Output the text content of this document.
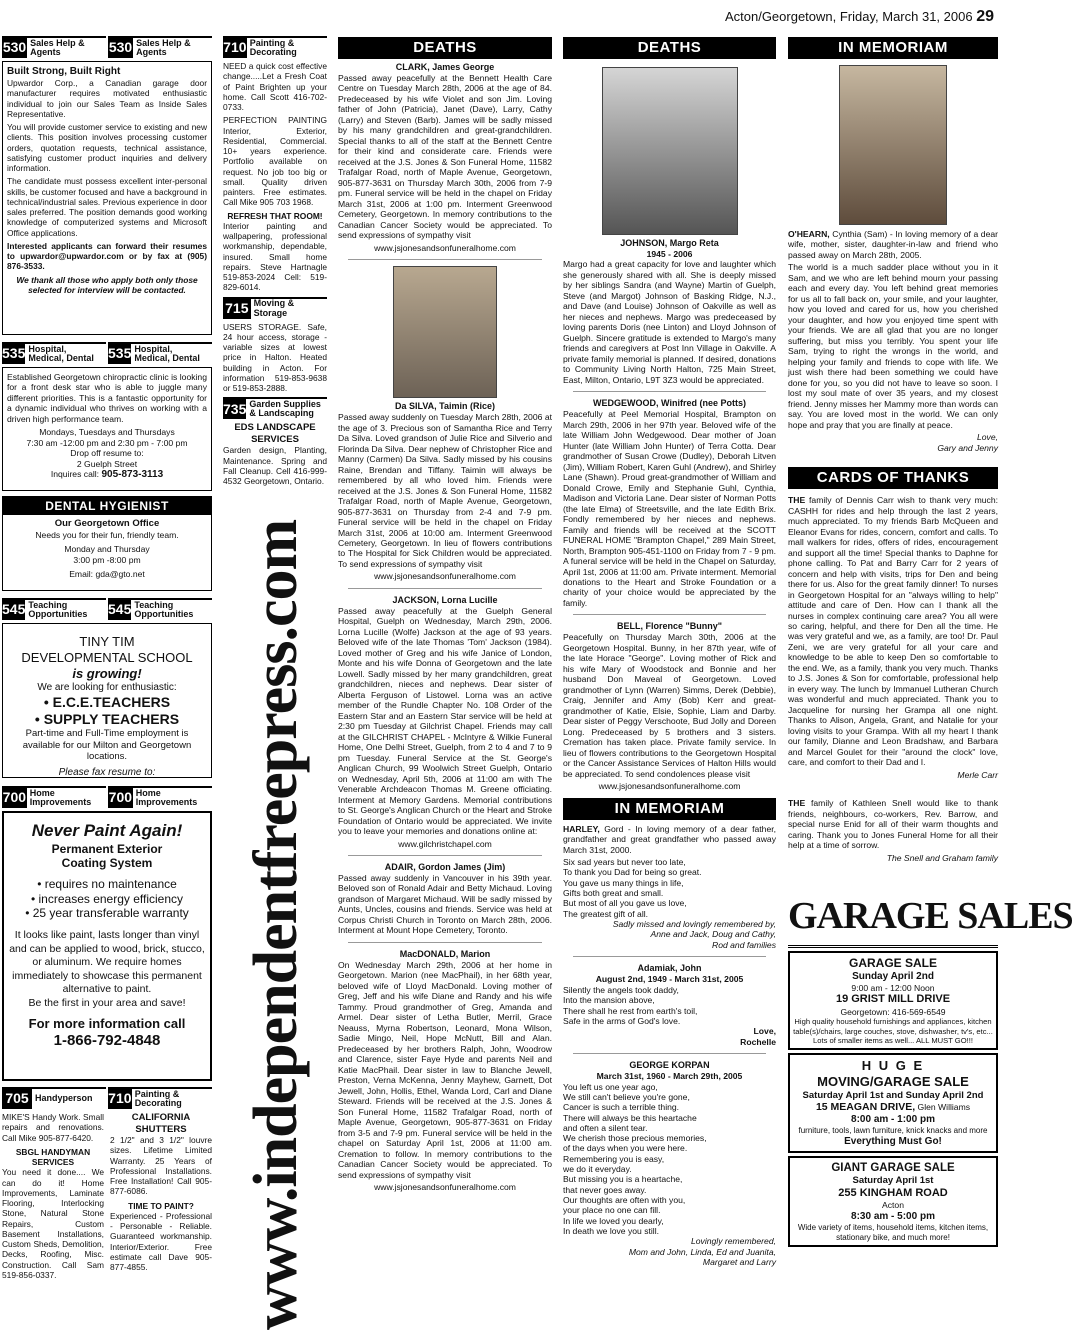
Acton/Georgetown, Friday, March 31, 2006 29
530 Sales Help & Agents	530 Sales Help & Agents
Built Strong, Built Right
Upwardor Corp., a Canadian garage door manufacturer requires motivated enthusiastic individual to join our Sales Team as Inside Sales Representative.
You will provide customer service to existing and new clients. This position involves processing customer orders, quotation requests, technical assistance, satisfying customer product inquiries and delivery information.
The candidate must possess excellent inter-personal skills, be customer focused and have a background in technical/industrial sales. Previous experience in door sales preferred. The position demands good working knowledge of computerized systems and Microsoft Office applications.
Interested applicants can forward their resumes to upwardor@upwardor.com or by fax at (905) 876-3533.
We thank all those who apply both only those selected for interview will be contacted.
535 Hospital, Medical, Dental	535 Hospital, Medical, Dental
Established Georgetown chiropractic clinic is looking for a front desk star who is able to juggle many different priorities. This is a fantastic opportunity for a dynamic individual who thrives on working with a driven high performance team.
Mondays, Tuesdays and Thursdays
7:30 am -12:00 pm and 2:30 pm - 7:00 pm
Drop off resume to:
2 Guelph Street
Inquires call: 905-873-3113
DENTAL HYGIENIST
Our Georgetown Office
Needs you for their fun, friendly team.
Monday and Thursday
3:00 pm -8:00 pm
Email: gda@gto.net
545 Teaching Opportunities	545 Teaching Opportunities
TINY TIM
DEVELOPMENTAL SCHOOL
is growing!
We are looking for enthusiastic:
• E.C.E.TEACHERS
• SUPPLY TEACHERS
Part-time and Full-Time employment is available for our Milton and Georgetown locations.
Please fax resume to:
700 Home Improvements	700 Home Improvements
Never Paint Again!
Permanent Exterior
Coating System
• requires no maintenance
• increases energy efficiency
• 25 year transferable warranty
It looks like paint, lasts longer than vinyl and can be applied to wood, brick, stucco, or aluminum. We require homes immediately to showcase this permanent alternative to paint.
Be the first in your area and save!
For more information call
1-866-792-4848
705 Handyperson 710 Painting & Decorating
MIKE'S Handy Work. Small repairs and renovations. Call Mike 905-877-6420.
SBGL HANDYMAN SERVICES
You need it done.... We can do it! Home Improvements, Laminate Flooring, Interlocking Stone, Natural Stone Repairs, Custom Basement Installations, Custom Sheds, Demolition, Decks, Roofing, Misc. Construction. Call Sam 519-856-0337.
CALIFORNIA SHUTTERS
2 1/2" and 3 1/2" louvre sizes. Lifetime Limited Warranty. 25 Years of Professional Installations. Free Installation! Call 905-877-6086.
TIME TO PAINT?
Experienced - Professional - Personable - Reliable. Guaranteed workmanship. Interior/Exterior. Free estimate call Dave 905-877-4855.
710 Painting & Decorating
NEED a quick cost effective change.....Let a Fresh Coat of Paint Brighten up your home. Call Scott 416-702-0733.
PERFECTION PAINTING Interior, Exterior, Residential, Commercial. 10+ years experience. Portfolio available on request. No job too big or small. Quality driven painters. Free estimates. Call Mike 905 703 1968.
REFRESH THAT ROOM!
Interior painting and wallpapering, professional workmanship, dependable, insured. Small home repairs. Steve Hartnagle 519-853-2024 Cell: 519-829-6014.
715 Moving & Storage
USERS STORAGE. Safe, 24 hour access, storage - variable sizes at lowest price in Halton. Heated building in Acton. For information 519-853-9638 or 519-853-2888.
735 Garden Supplies & Landscaping
EDS LANDSCAPE SERVICES
Garden design, Planting, Maintenance. Spring and Fall Cleanup. Cell 416-999-4532 Georgetown, Ontario.
www.independentfreepress.com
DEATHS
CLARK, James George
Passed away peacefully at the Bennett Health Care Centre on Tuesday March 28th, 2006 at the age of 84. Predeceased by his wife Violet and son Jim. Loving father of John (Patricia), Janet (Dave), Larry, Cathy (Larry) and Steven (Barb). James will be sadly missed by his many grandchildren and great-grandchildren. Special thanks to all of the staff at the Bennett Centre for their kind and considerate care. Friends were received at the J.S. Jones & Son Funeral Home, 11582 Trafalgar Road, north of Maple Avenue, Georgetown, 905-877-3631 on Thursday March 30th, 2006 from 7-9 pm. Funeral service will be held in the chapel on Friday March 31st, 2006 at 1:00 pm. Interment Greenwood Cemetery, Georgetown. In memory contributions to the Canadian Cancer Society would be appreciated. To send expressions of sympathy visit
www.jsjonesandsonfuneralhome.com
Da SILVA, Taimin (Rice)
Passed away suddenly on Tuesday March 28th, 2006 at the age of 3. Precious son of Samantha Rice and Terry Da Silva. Loved grandson of Julie Rice and Silverio and Florinda Da Silva. Dear nephew of Christopher Rice and Manny (Carmen) Da Silva. Sadly missed by his cousins Raine, Brendan and Tiffany. Taimin will always be remembered by all who loved him. Friends were received at the J.S. Jones & Son Funeral Home, 11582 Trafalgar Road, north of Maple Avenue, Georgetown, 905-877-3631 on Thursday from 2-4 and 7-9 pm. Funeral service will be held in the chapel on Friday March 31st, 2006 at 10:00 am. Interment Greenwood Cemetery, Georgetown. In lieu of flowers contributions to The Hospital for Sick Children would be appreciated. To send expressions of sympathy visit
www.jsjonesandsonfuneralhome.com
JACKSON, Lorna Lucille
Passed away peacefully at the Guelph General Hospital, Guelph on Wednesday, March 29th, 2006. Lorna Lucille (Wolfe) Jackson at the age of 93 years. Beloved wife of the late Thomas 'Tom' Jackson (1984). Loved mother of Greg and his wife Janice of London, Monte and his wife Donna of Georgetown and the late Lowell. Sadly missed by her many grandchildren, great grandchildren, nieces and nephews. Dear sister of Alberta Ferguson of Listowel. Lorna was an active member of the Rundle Chapter No. 108 Order of the Eastern Star and an Eastern Star service will be held at 2:30 pm Tuesday at Gilchrist Chapel. Friends may call at the GILCHRIST CHAPEL - McIntyre & Wilkie Funeral Home, One Delhi Street, Guelph, from 2 to 4 and 7 to 9 pm Tuesday. Funeral Service at the St. George's Anglican Church, 99 Woolwich Street Guelph, Ontario on Wednesday, April 5th, 2006 at 11:00 am with The Venerable Archdeacon Thomas M. Greene officiating. Interment at Memory Gardens. Memorial contributions to St. George's Anglican Church or the Heart and Stroke Foundation of Ontario would be appreciated. We invite you to leave your memories and donations online at:
www.gilchristchapel.com
ADAIR, Gordon James (Jim)
Passed away suddenly in Vancouver in his 39th year. Beloved son of Ronald Adair and Betty Michaud. Loving grandson of Margaret Michaud. Will be sadly missed by Aunts, Uncles, cousins and friends. Service was held at Corpus Christi Church in Toronto on March 28th, 2006. Interment at Mount Hope Cemetery, Toronto.
MacDONALD, Marion
On Wednesday March 29th, 2006 at her home in Georgetown. Marion (nee MacPhail), in her 68th year, beloved wife of Lloyd MacDonald. Loving mother of Greg, Jeff and his wife Diane and Randy and his wife Tammy. Proud grandmother of Greg, Amanda and Armel. Dear sister of Letha Butler, Merril, Grace Neauss, Myrna Robertson, Leonard, Mona Wilson, Sadie Mingo, Neil, Hope McNutt, Bill and Alan. Predeceased by her brothers Ralph, John, Woodrow and Clarence, sister Faye Hyde and parents Neil and Katie MacPhail. Dear sister in law to Blanche Jewell, Preston, Verna McKenna, Jenny Mayhew, Garnett, Dot Jewell, John, Hollis, Ethel, Wanda Lord, Carl and Diane Steward. Friends will be received at the J.S. Jones & Son Funeral Home, 11582 Trafalgar Road, north of Maple Avenue, Georgetown, 905-877-3631 on Friday from 3-5 and 7-9 pm. Funeral service will be held in the chapel on Saturday April 1st, 2006 at 11:00 am. Cremation to follow. In memory contributions to the Canadian Cancer Society would be appreciated. To send expressions of sympathy visit
www.jsjonesandsonfuneralhome.com
DEATHS
JOHNSON, Margo Reta
1945 - 2006
Margo had a great capacity for love and laughter which she generously shared with all. She is deeply missed by her siblings Sandra (and Wayne) Martin of Guelph, Steve (and Margot) Johnson of Basking Ridge, N.J., and Dave (and Louise) Johnson of Oakville as well as her nieces and nephews. Margo was predeceased by loving parents Doris (nee Linton) and Lloyd Johnson of Guelph. Sincere gratitude is extended to Margo's many friends and caregivers at Post Inn Village in Oakville. A private family memorial is planned. If desired, donations to Community Living North Halton, 725 Main Street, East, Milton, Ontario, L9T 3Z3 would be appreciated.
WEDGEWOOD, Winifred (nee Potts)
Peacefully at Peel Memorial Hospital, Brampton on March 29th, 2006 in her 97th year. Beloved wife of the late William John Wedgewood. Dear mother of Joan Hunter (late William John Hunter) of Terra Cotta. Dear grandmother of Susan Crowe (Dudley), Deborah Litven (Jim), William Robert, Karen Guhl (Andrew), and Shirley Lane (Shawn). Proud great-grandmother of William and Donald Crowe, Emily and Stephanie Guhl, Cynthia, Madison and Victoria Lane. Dear sister of Norman Potts (the late Elma) of Streetsville, and the late Edith Brix. Fondly remembered by her nieces and nephews. Family and friends will be received at the SCOTT FUNERAL HOME "Brampton Chapel," 289 Main Street, North, Brampton 905-451-1100 on Friday from 7 - 9 pm. A funeral service will be held in the Chapel on Saturday, April 1st, 2006 at 11:00 am. Private interment. Memorial donations to the Heart and Stroke Foundation or a charity of your choice would be appreciated by the family.
BELL, Florence "Bunny"
Peacefully on Thursday March 30th, 2006 at the Georgetown Hospital. Bunny, in her 87th year, wife of the late Horace "George". Loving mother of Rick and his wife Mary of Woodstock and Bonnie and her husband Don Maveal of Georgetown. Loved grandmother of Lynn (Warren) Simms, Derek (Debbie), Craig, Jennifer and Amy (Bob) Kerr and great-grandmother of Katie, Elsie, Sophie, Liam and Darby. Dear sister of Peggy Verschoote, Bud Jolly and Doreen Long. Predeceased by 5 brothers and 3 sisters. Cremation has taken place. Private family service. In lieu of flowers contributions to the Georgetown Hospital or the Cancer Assistance Services of Halton Hills would be appreciated. To send condolences please visit
www.jsjonesandsonfuneralhome.com
IN MEMORIAM
HARLEY, Gord - In loving memory of a dear father, grandfather and great grandfather who passed away March 31st, 2000.
Six sad years but never too late,
To thank you Dad for being so great.
You gave us many things in life,
Gifts both great and small.
But most of all you gave us love,
The greatest gift of all.
Sadly missed and lovingly remembered by,
Anne and Jack, Doug and Cathy,
Rod and families
Adamiak, John
August 2nd, 1949 - March 31st, 2005
Silently the angels took daddy,
Into the mansion above,
There shall he rest from earth's toil,
Safe in the arms of God's love.
Love,
Rochelle
GEORGE KORPAN
March 31st, 1960 - March 29th, 2005
You left us one year ago,
We still can't believe you're gone,
Cancer is such a terrible thing.
There will always be this heartache
and often a silent tear.
We cherish those precious memories,
of the days when you were here.
Remembering you is easy,
we do it everyday.
But missing you is a heartache,
that never goes away.
Our thoughts are often with you,
your place no one can fill.
In life we loved you dearly,
In death we love you still.
Lovingly remembered,
Mom and John, Linda, Ed and Juanita,
Margaret and Larry
IN MEMORIAM
O'HEARN, Cynthia (Sam) - In loving memory of a dear wife, mother, sister, daughter-in-law and friend who passed away on March 28th, 2005.
The world is a much sadder place without you in it Sam, and we who are left behind mourn your passing each and every day. You left behind great memories for us all to fall back on, your smile, and your laughter, how you loved and cared for us, how you cherished your daughter, and how you enjoyed time spent with your friends. We are all glad that you are no longer suffering, but miss you terribly. You spent your life Sam, trying to right the wrongs in the world, and helping your family and friends to cope with life. We just wish there had been something we could have done for you, so you did not have to leave so soon. I lost my soul mate of over 35 years, and my closest friend. Jenny misses her Mammy more than words can say. You are loved most in the world. We can only hope and pray that you are finally at peace.
Love,
Gary and Jenny
CARDS OF THANKS
THE family of Dennis Carr wish to thank very much: CASHH for rides and help through the last 2 years, much appreciated. To my friends Barb McQueen and Eleanor Evans for rides, concern, comfort and calls. To mall walkers for rides, offers of rides, encouragement and support all the time! Special thanks to Daphne for phone calling. To Pat and Barry Carr for 2 years of concern and help with visits, trips for Den and being there for us. Also for the great family dinner! To nurses in Georgetown Hospital for an "always willing to help" attitude and care of Den. How can I thank all the nurses in complex continuing care area? You all were so caring, helpful, and there for Den all the time. He was very grateful and we, as a family, are too! Dr. Paul Zeni, we are very grateful for all your care and knowledge to be able to keep Den so comfortable to the end. We, as a family, thank you very much. Thanks to J.S. Jones & Son for comfortable, professional help in every way. The lunch by Immanuel Lutheran Church was wonderful and much appreciated. Thank you to Jacqueline for nursing her Grampa all one night. Thanks to Alison, Angela, Grant, and Natalie for your loving visits to your Grampa. With all my heart I thank our family, Dianne and Leon Bradshaw, and Barbara and Marcel Goulet for their "around the clock" love, care, and comfort to their Dad and I.
Merle Carr
THE family of Kathleen Snell would like to thank friends, neighbours, co-workers, Rev. Barrow, and special nurse Enid for all of their warm thoughts and caring. Thank you to Jones Funeral Home for all their help at a time of sorrow.
The Snell and Graham family
GARAGE SALES
GARAGE SALE
Sunday April 2nd
9:00 am - 12:00 Noon
19 GRIST MILL DRIVE
Georgetown: 416-569-6549
High quality household furnishings and appliances, kitchen table(s)/chairs, large couches, stove, dishwasher, tv's, etc... Lots of smaller items as well... ALL MUST GO!!!
H U G E
MOVING/GARAGE SALE
Saturday April 1st and Sunday April 2nd
15 MEAGAN DRIVE, Glen Williams
8:00 am - 1:00 pm
furniture, tools, lawn furniture, knick knacks and more
Everything Must Go!
GIANT GARAGE SALE
Saturday April 1st
255 KINGHAM ROAD
Acton
8:30 am - 5:00 pm
Wide variety of items, household items, kitchen items, stationary bike, and much more!
